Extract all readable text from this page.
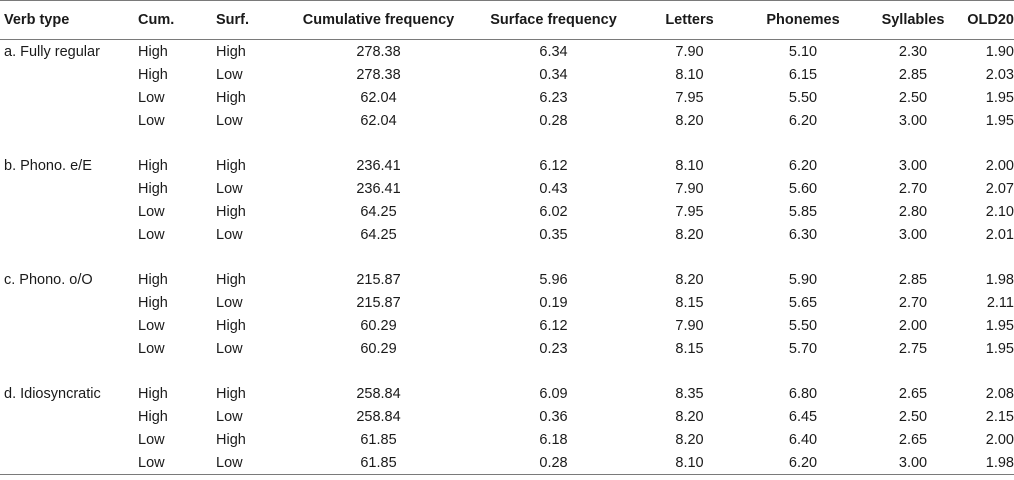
Verb type	Cum.	Surf.	Cumulative frequency	Surface frequency	Letters	Phonemes	Syllables	OLD20
a. Fully regular	High	High	278.38	6.34	7.90	5.10	2.30	1.90
	High	Low	278.38	0.34	8.10	6.15	2.85	2.03
	Low	High	62.04	6.23	7.95	5.50	2.50	1.95
	Low	Low	62.04	0.28	8.20	6.20	3.00	1.95

b. Phono. e/E	High	High	236.41	6.12	8.10	6.20	3.00	2.00
	High	Low	236.41	0.43	7.90	5.60	2.70	2.07
	Low	High	64.25	6.02	7.95	5.85	2.80	2.10
	Low	Low	64.25	0.35	8.20	6.30	3.00	2.01

c. Phono. o/O	High	High	215.87	5.96	8.20	5.90	2.85	1.98
	High	Low	215.87	0.19	8.15	5.65	2.70	2.11
	Low	High	60.29	6.12	7.90	5.50	2.00	1.95
	Low	Low	60.29	0.23	8.15	5.70	2.75	1.95

d. Idiosyncratic	High	High	258.84	6.09	8.35	6.80	2.65	2.08
	High	Low	258.84	0.36	8.20	6.45	2.50	2.15
	Low	High	61.85	6.18	8.20	6.40	2.65	2.00
	Low	Low	61.85	0.28	8.10	6.20	3.00	1.98
